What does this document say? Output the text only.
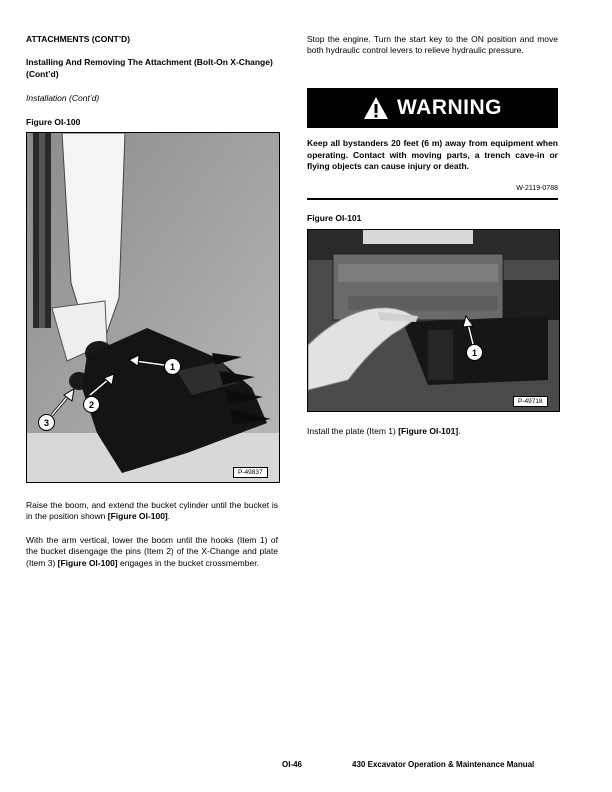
ATTACHMENTS (CONT’D)
Installing And Removing The Attachment (Bolt-On X-Change) (Cont’d)
Installation (Cont’d)
Figure OI-100
1
2
3
P-49837
Raise the boom, and extend the bucket cylinder until the bucket is in the position shown [Figure OI-100].
With the arm vertical, lower the boom until the hooks (Item 1) of the bucket disengage the pins (Item 2) of the X-Change and plate (Item 3) [Figure OI-100] engages in the bucket crossmember.
Stop the engine. Turn the start key to the ON position and move both hydraulic control levers to relieve hydraulic pressure.
WARNING
Keep all bystanders 20 feet (6 m) away from equipment when operating. Contact with moving parts, a trench cave-in or flying objects can cause injury or death.
W-2119-0788
Figure OI-101
1
P-49718
Install the plate (Item 1) [Figure OI-101].
OI-46	430 Excavator Operation & Maintenance Manual
